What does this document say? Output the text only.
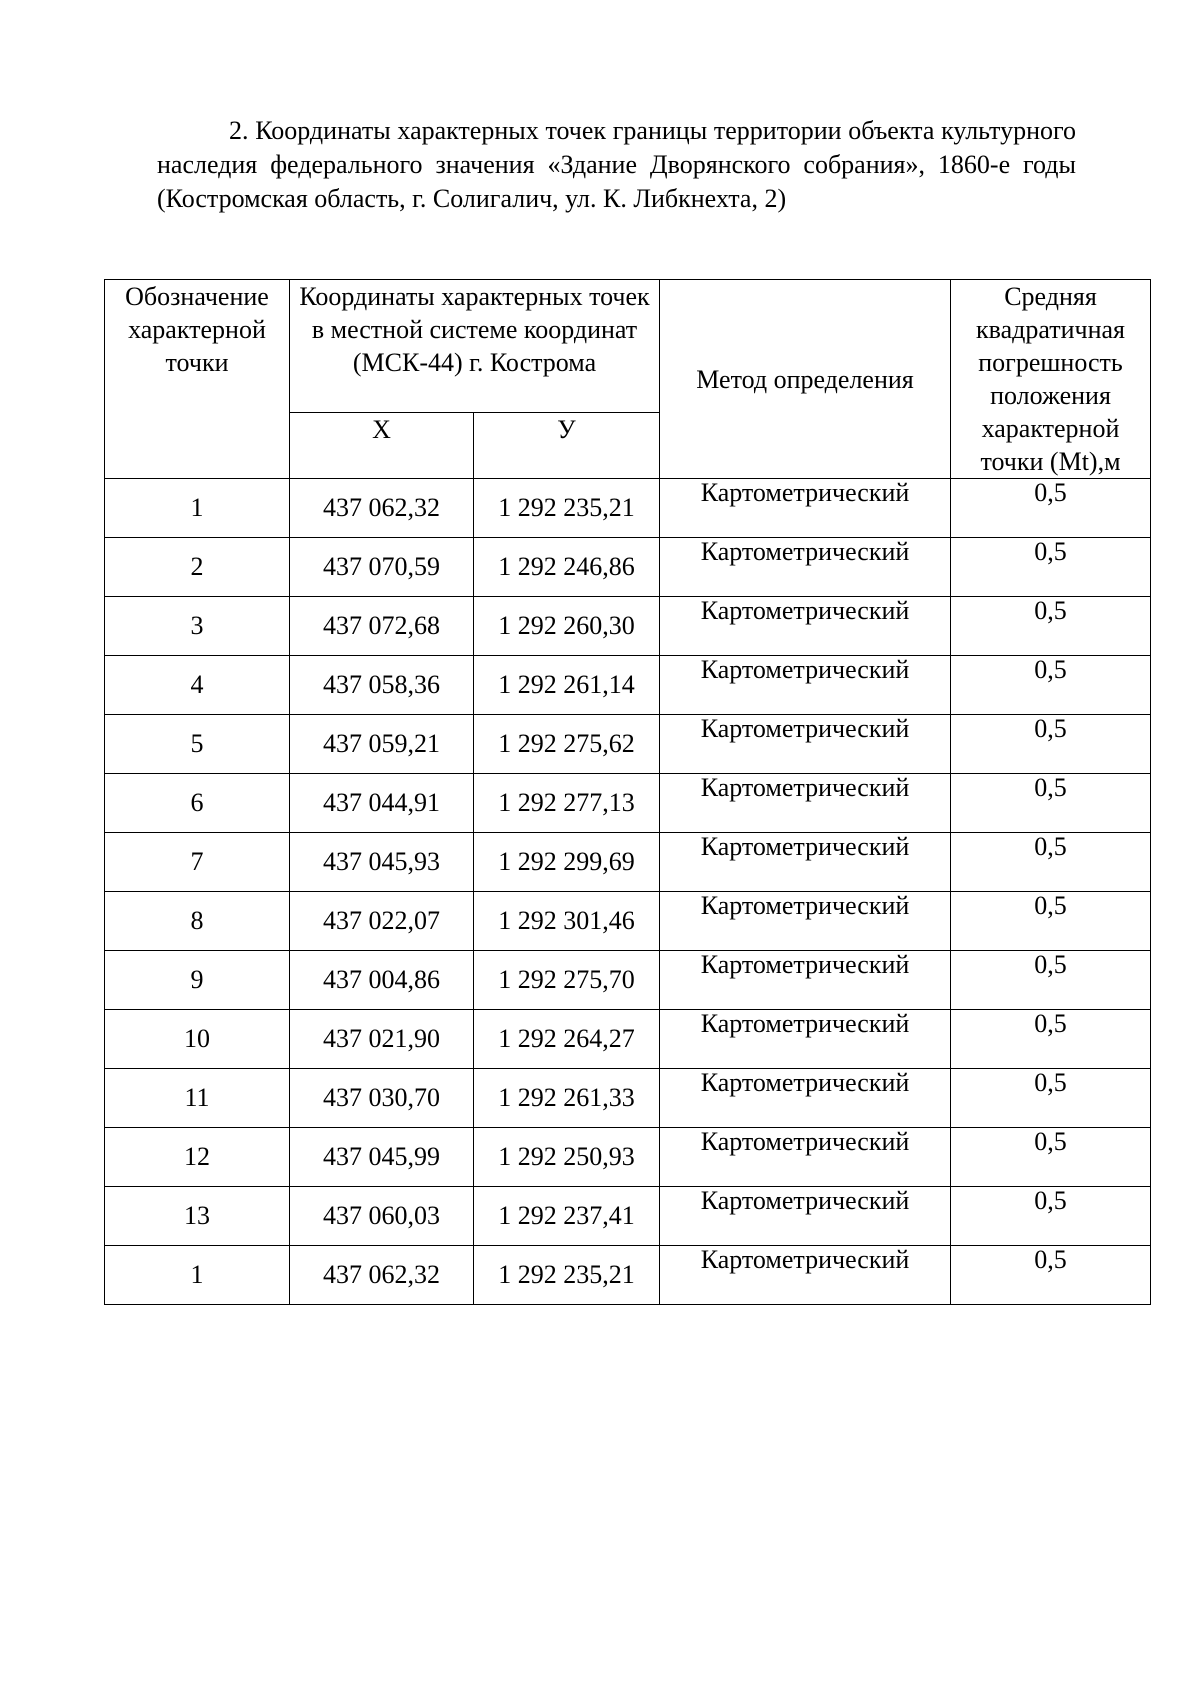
2. Координаты характерных точек границы территории объекта культурного наследия федерального значения «Здание Дворянского собрания», 1860-е годы (Костромская область, г. Солигалич, ул. К. Либкнехта, 2)
Обозначение характерной точки	Координаты характерных точек в местной системе координат (МСК-44) г. Кострома		Метод определения	Средняя квадратичная погрешность положения характерной точки (Mt),м
	Х	У		
1	437 062,32	1 292 235,21	Картометрический	0,5
2	437 070,59	1 292 246,86	Картометрический	0,5
3	437 072,68	1 292 260,30	Картометрический	0,5
4	437 058,36	1 292 261,14	Картометрический	0,5
5	437 059,21	1 292 275,62	Картометрический	0,5
6	437 044,91	1 292 277,13	Картометрический	0,5
7	437 045,93	1 292 299,69	Картометрический	0,5
8	437 022,07	1 292 301,46	Картометрический	0,5
9	437 004,86	1 292 275,70	Картометрический	0,5
10	437 021,90	1 292 264,27	Картометрический	0,5
11	437 030,70	1 292 261,33	Картометрический	0,5
12	437 045,99	1 292 250,93	Картометрический	0,5
13	437 060,03	1 292 237,41	Картометрический	0,5
1	437 062,32	1 292 235,21	Картометрический	0,5
